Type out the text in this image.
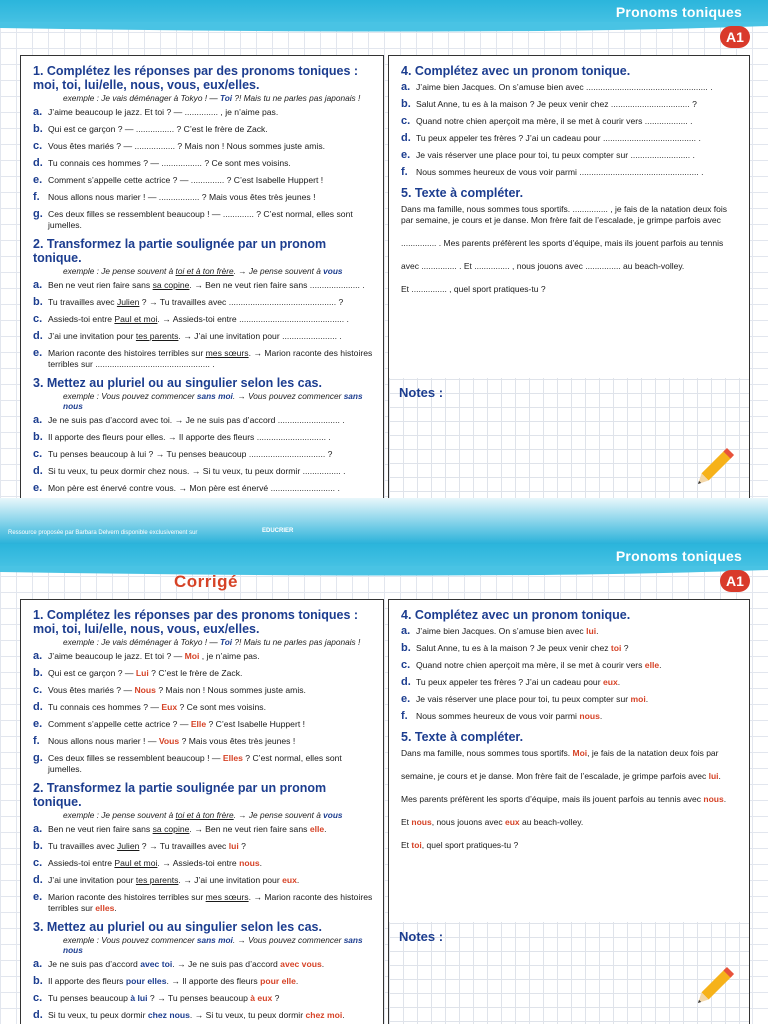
Pronoms toniques
A1
1. Complétez les réponses par des pronoms toniques : moi, toi, lui/elle, nous, vous, eux/elles.
exemple : Je vais déménager à Tokyo ! — Toi ?! Mais tu ne parles pas japonais !
a. J’aime beaucoup le jazz. Et toi ? — .............. , je n’aime pas.
b. Qui est ce garçon ? — ................ ? C’est le frère de Zack.
c. Vous êtes mariés ? — ................. ? Mais non ! Nous sommes juste amis.
d. Tu connais ces hommes ? — ................. ? Ce sont mes voisins.
e. Comment s’appelle cette actrice ? — .............. ? C’est Isabelle Huppert !
f. Nous allons nous marier ! — ................. ? Mais vous êtes très jeunes !
g. Ces deux filles se ressemblent beaucoup ! — ............. ? C’est normal, elles sont jumelles.
2. Transformez la partie soulignée par un pronom tonique.
exemple : Je pense souvent à toi et à ton frère. → Je pense souvent à vous
a. Ben ne veut rien faire sans sa copine. → Ben ne veut rien faire sans ..................... .
b. Tu travailles avec Julien ? → Tu travailles avec ............................................. ?
c. Assieds-toi entre Paul et moi. → Assieds-toi entre ............................................ .
d. J’ai une invitation pour tes parents. → J’ai une invitation pour ....................... .
e. Marion raconte des histoires terribles sur mes sœurs. → Marion raconte des histoires terribles sur ................................................ .
3. Mettez au pluriel ou au singulier selon les cas.
exemple : Vous pouvez commencer sans moi. → Vous pouvez commencer sans nous
a. Je ne suis pas d’accord avec toi. → Je ne suis pas d’accord .......................... .
b. Il apporte des fleurs pour elles. → Il apporte des fleurs ............................. .
c. Tu penses beaucoup à lui ? → Tu penses beaucoup ................................ ?
d. Si tu veux, tu peux dormir chez nous. → Si tu veux, tu peux dormir ................ .
e. Mon père est énervé contre vous. → Mon père est énervé ........................... .
4. Complétez avec un pronom tonique.
a. J’aime bien Jacques. On s’amuse bien avec ................................................... .
b. Salut Anne, tu es à la maison ? Je peux venir chez ................................. ?
c. Quand notre chien aperçoit ma mère, il se met à courir vers .................. .
d. Tu peux appeler tes frères ? J’ai un cadeau pour ....................................... .
e. Je vais réserver une place pour toi, tu peux compter sur ......................... .
f. Nous sommes heureux de vous voir parmi .................................................. .
5. Texte à compléter.

Dans ma famille, nous sommes tous sportifs. ............... , je fais de la natation deux fois par semaine, je cours et je danse. Mon frère fait de l’escalade, je grimpe parfois avec

............... . Mes parents préfèrent les sports d’équipe, mais ils jouent parfois au tennis

avec ............... . Et ............... , nous jouons avec ............... au beach-volley.

Et ............... , quel sport pratiques-tu ?

Notes :
Ressource proposée par Barbara Delvern disponible exclusivement sur	EDUCRIER
Pronoms toniques
A1
Corrigé
1. Complétez les réponses par des pronoms toniques : moi, toi, lui/elle, nous, vous, eux/elles.
exemple : Je vais déménager à Tokyo ! — Toi ?! Mais tu ne parles pas japonais !
a. J’aime beaucoup le jazz. Et toi ? — Moi , je n’aime pas.
b. Qui est ce garçon ? — Lui ? C’est le frère de Zack.
c. Vous êtes mariés ? — Nous ? Mais non ! Nous sommes juste amis.
d. Tu connais ces hommes ? — Eux ? Ce sont mes voisins.
e. Comment s’appelle cette actrice ? — Elle ? C’est Isabelle Huppert !
f. Nous allons nous marier ! — Vous ? Mais vous êtes très jeunes !
g. Ces deux filles se ressemblent beaucoup ! — Elles ? C’est normal, elles sont jumelles.
2. Transformez la partie soulignée par un pronom tonique.
exemple : Je pense souvent à toi et à ton frère. → Je pense souvent à vous
a. Ben ne veut rien faire sans sa copine. → Ben ne veut rien faire sans elle.
b. Tu travailles avec Julien ? → Tu travailles avec lui ?
c. Assieds-toi entre Paul et moi. → Assieds-toi entre nous.
d. J’ai une invitation pour tes parents. → J’ai une invitation pour eux.
e. Marion raconte des histoires terribles sur mes sœurs. → Marion raconte des histoires terribles sur elles.
3. Mettez au pluriel ou au singulier selon les cas.
exemple : Vous pouvez commencer sans moi. → Vous pouvez commencer sans nous
a. Je ne suis pas d’accord avec toi. → Je ne suis pas d’accord avec vous.
b. Il apporte des fleurs pour elles. → Il apporte des fleurs pour elle.
c. Tu penses beaucoup à lui ? → Tu penses beaucoup à eux ?
d. Si tu veux, tu peux dormir chez nous. → Si tu veux, tu peux dormir chez moi.
4. Complétez avec un pronom tonique.
a. J’aime bien Jacques. On s’amuse bien avec lui.
b. Salut Anne, tu es à la maison ? Je peux venir chez toi ?
c. Quand notre chien aperçoit ma mère, il se met à courir vers elle.
d. Tu peux appeler tes frères ? J’ai un cadeau pour eux.
e. Je vais réserver une place pour toi, tu peux compter sur moi.
f. Nous sommes heureux de vous voir parmi nous.
5. Texte à compléter.

Dans ma famille, nous sommes tous sportifs. Moi, je fais de la natation deux fois par

semaine, je cours et je danse. Mon frère fait de l’escalade, je grimpe parfois avec lui.

Mes parents préfèrent les sports d’équipe, mais ils jouent parfois au tennis avec nous.

Et nous, nous jouons avec eux au beach-volley.

Et toi, quel sport pratiques-tu ?

Notes :
